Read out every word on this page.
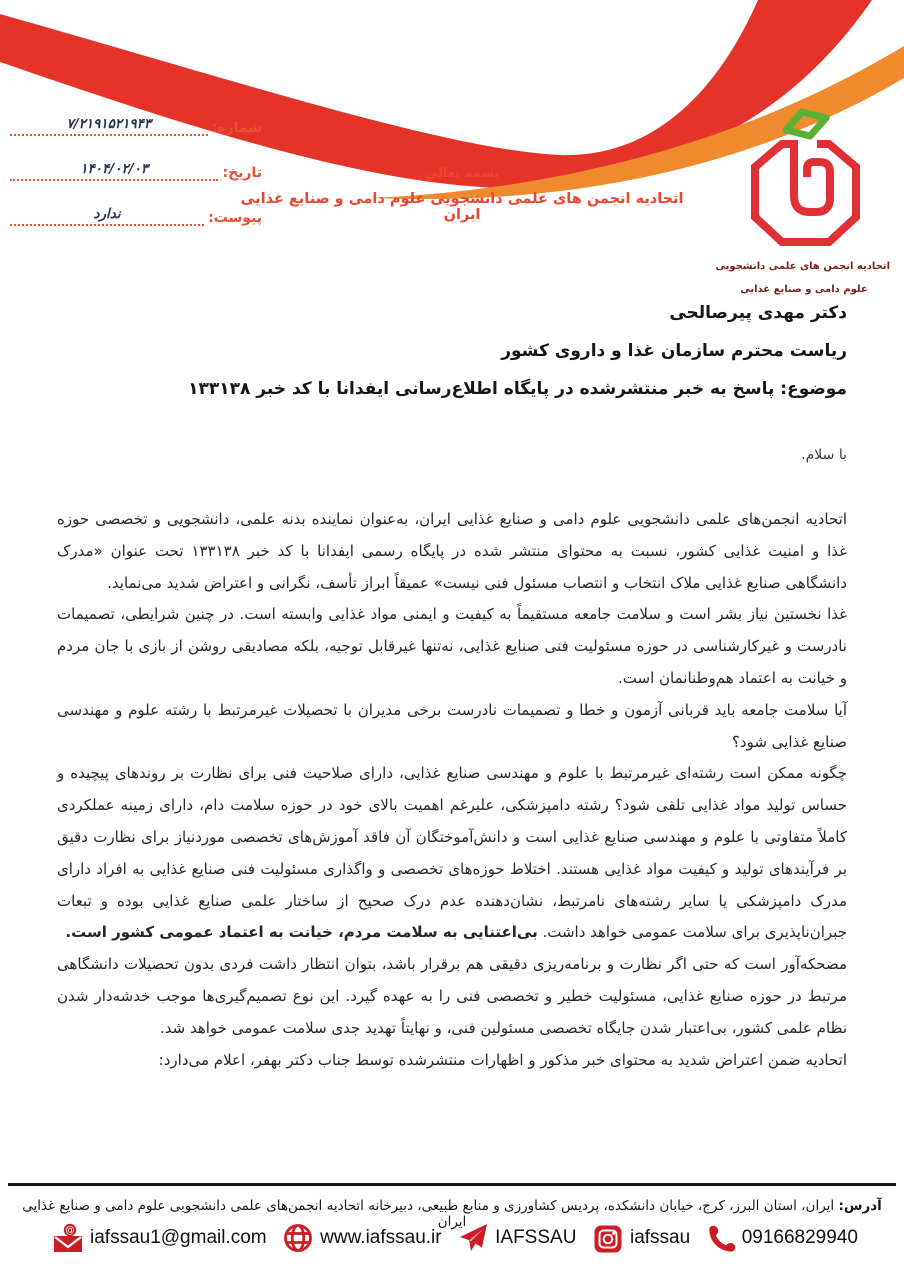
شماره:
۷/۲۱۹۱۵۲۱۹۴۳
تاریخ:
۱۴۰۴/۰۲/۰۳
پیوست:
ندارد
بسمه تعالی
اتحادیه انجمن های علمی دانشجویی علوم دامی و صنایع غذایی ایران
اتحادیه انجمن های علمی دانشجویی
علوم دامی و صنایع غذایی
دکتر مهدی پیرصالحی
ریاست محترم سازمان غذا و داروی کشور
موضوع: پاسخ به خبر منتشرشده در پایگاه اطلاع‌رسانی ایفدانا با کد خبر ۱۳۳۱۳۸
با سلام.

اتحادیه انجمن‌های علمی دانشجویی علوم دامی و صنایع غذایی ایران، به‌عنوان نماینده بدنه علمی، دانشجویی و تخصصی حوزه غذا و امنیت غذایی کشور، نسبت به محتوای منتشر شده در پایگاه رسمی ایفدانا با کد خبر ۱۳۳۱۳۸ تحت عنوان «مدرک دانشگاهی صنایع غذایی ملاک انتخاب و انتصاب مسئول فنی نیست» عمیقاً ابراز تأسف، نگرانی و اعتراض شدید می‌نماید.

غذا نخستین نیاز بشر است و سلامت جامعه مستقیماً به کیفیت و ایمنی مواد غذایی وابسته است. در چنین شرایطی، تصمیمات نادرست و غیرکارشناسی در حوزه مسئولیت فنی صنایع غذایی، نه‌تنها غیرقابل توجیه، بلکه مصادیقی روشن از بازی با جان مردم و خیانت به اعتماد هم‌وطنانمان است.

آیا سلامت جامعه باید قربانی آزمون و خطا و تصمیمات نادرست برخی مدیران با تحصیلات غیرمرتبط با رشته علوم و مهندسی صنایع غذایی شود؟

چگونه ممکن است رشته‌ای غیرمرتبط با علوم و مهندسی صنایع غذایی، دارای صلاحیت فنی برای نظارت بر روندهای پیچیده و حساس تولید مواد غذایی تلقی شود؟ رشته دامپزشکی، علیرغم اهمیت بالای خود در حوزه سلامت دام، دارای زمینه عملکردی کاملاً متفاوتی با علوم و مهندسی صنایع غذایی است و دانش‌آموختگان آن فاقد آموزش‌های تخصصی موردنیاز برای نظارت دقیق بر فرآیندهای تولید و کیفیت مواد غذایی هستند. اختلاط حوزه‌های تخصصی و واگذاری مسئولیت فنی صنایع غذایی به افراد دارای مدرک دامپزشکی یا سایر رشته‌های نامرتبط، نشان‌دهنده عدم درک صحیح از ساختار علمی صنایع غذایی بوده و تبعات جبران‌ناپذیری برای سلامت عمومی خواهد داشت. بی‌اعتنایی به سلامت مردم، خیانت به اعتماد عمومی کشور است.

مضحکه‌آور است که حتی اگر نظارت و برنامه‌ریزی دقیقی هم برقرار باشد، بتوان انتظار داشت فردی بدون تحصیلات دانشگاهی مرتبط در حوزه صنایع غذایی، مسئولیت خطیر و تخصصی فنی را به عهده گیرد. این نوع تصمیم‌گیری‌ها موجب خدشه‌دار شدن نظام علمی کشور، بی‌اعتبار شدن جایگاه تخصصی مسئولین فنی، و نهایتاً تهدید جدی سلامت عمومی خواهد شد.

اتحادیه ضمن اعتراض شدید به محتوای خبر مذکور و اظهارات منتشرشده توسط جناب دکتر بهفر، اعلام می‌دارد:

آدرس: ایران، استان البرز، کرج، خیابان دانشکده، پردیس کشاورزی و منابع طبیعی، دبیرخانه اتحادیه انجمن‌های علمی دانشجویی علوم دامی و صنایع غذایی ایران
@ iafssau1@gmail.com	www.iafssau.ir	IAFSSAU	iafssau	09166829940
